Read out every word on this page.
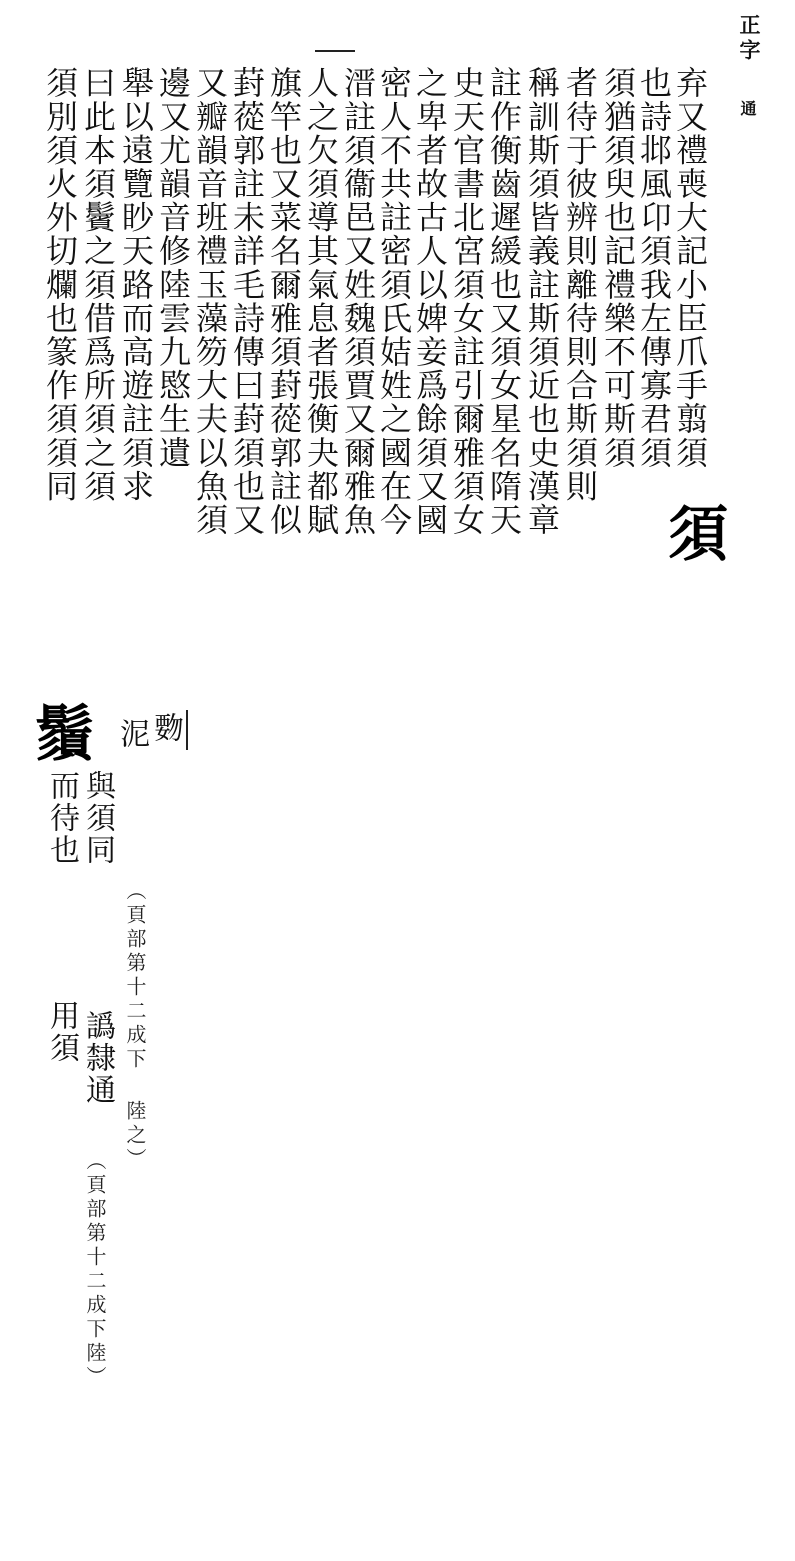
正字
通
弃又禮喪大記小臣爪手翦須
也詩邶風卬須我左傳寡君須
須猶須臾也記禮樂不可斯須
者待于彼辨則離待則合斯須則
稱訓斯須皆義註斯須近也史漢章
註作衡齒遲緩也又須女星名隋天
史天官書北宮須女註引爾雅須女
之卑者故古人以婢妾爲餘須又國
密人不共註密須氏姞姓之國在今
溍註須衞邑又姓魏須賈又爾雅魚
人之欠須導其氣息者張衡夬都賦
旗竿也又菜名爾雅須葑蓯郭註似
葑蓯郭註未詳毛詩傳曰葑須也又
又瓣韻音班禮玉藻笏大夫以魚須
邊又尤韻音修陸雲九愍生遺
舉以遠覽眇天路而高遊註須求
曰此本須鬢之須借爲所須之須
須別須火外切爛也篆作須須同
須
覅
泥
（頁部第十二成下 陸之）
鬚
與須同
而待也
用須 譌隸通
（頁部第十二成下陸）
